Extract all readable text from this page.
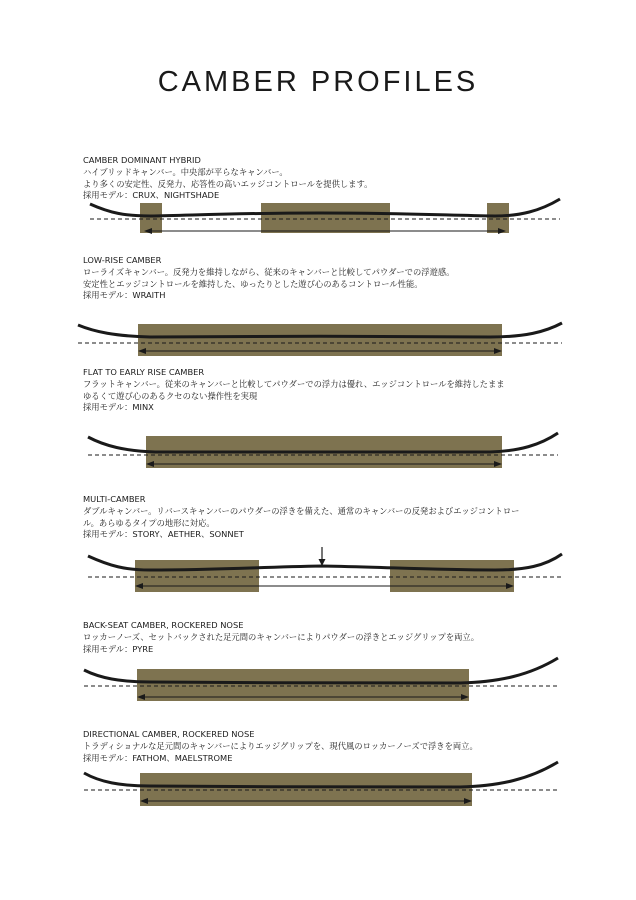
CAMBER PROFILES
CAMBER DOMINANT HYBRID
ハイブリッドキャンバー。中央部が平らなキャンバー。
より多くの安定性、反発力、応答性の高いエッジコントロールを提供します。
採用モデル：CRUX、NIGHTSHADE
LOW-RISE CAMBER
ローライズキャンバー。反発力を維持しながら、従来のキャンバーと比較してパウダーでの浮遊感。
安定性とエッジコントロールを維持した、ゆったりとした遊び心のあるコントロール性能。
採用モデル：WRAITH
FLAT TO EARLY RISE CAMBER
フラットキャンバー。従来のキャンバーと比較してパウダーでの浮力は優れ、エッジコントロールを維持したまま
ゆるくて遊び心のあるクセのない操作性を実現
採用モデル：MINX
MULTI-CAMBER
ダブルキャンバー。リバースキャンバーのパウダーの浮きを備えた、通常のキャンバーの反発およびエッジコントロー
ル。あらゆるタイプの地形に対応。
採用モデル：STORY、AETHER、SONNET
BACK-SEAT CAMBER, ROCKERED NOSE
ロッカーノーズ、セットバックされた足元間のキャンバーによりパウダーの浮きとエッジグリップを両立。
採用モデル：PYRE
DIRECTIONAL CAMBER, ROCKERED NOSE
トラディショナルな足元間のキャンバーによりエッジグリップを、現代風のロッカーノーズで浮きを両立。
採用モデル：FATHOM、MAELSTROME
